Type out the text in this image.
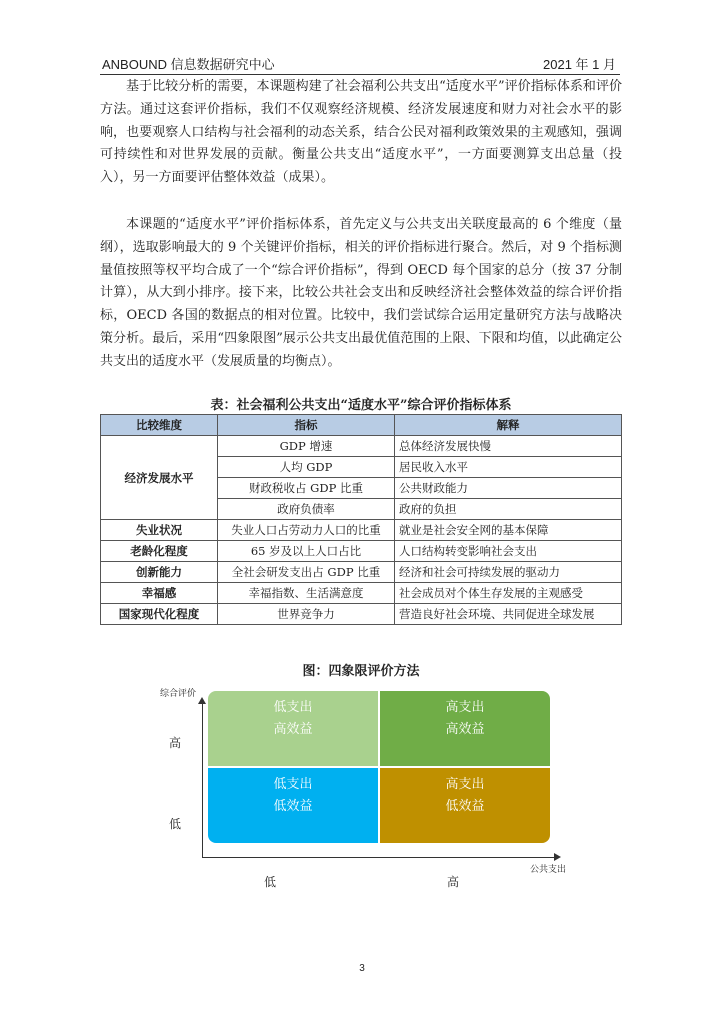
ANBOUND 信息数据研究中心	2021 年 1 月

基于比较分析的需要，本课题构建了社会福利公共支出“适度水平”评价指标体系和评价方法。通过这套评价指标，我们不仅观察经济规模、经济发展速度和财力对社会水平的影响，也要观察人口结构与社会福利的动态关系，结合公民对福利政策效果的主观感知，强调可持续性和对世界发展的贡献。衡量公共支出“适度水平”，一方面要测算支出总量（投入），另一方面要评估整体效益（成果）。

本课题的“适度水平”评价指标体系，首先定义与公共支出关联度最高的 6 个维度（量纲），选取影响最大的 9 个关键评价指标，相关的评价指标进行聚合。然后，对 9 个指标测量值按照等权平均合成了一个“综合评价指标”，得到 OECD 每个国家的总分（按 37 分制计算），从大到小排序。接下来，比较公共社会支出和反映经济社会整体效益的综合评价指标，OECD 各国的数据点的相对位置。比较中，我们尝试综合运用定量研究方法与战略决策分析。最后，采用“四象限图”展示公共支出最优值范围的上限、下限和均值，以此确定公共支出的适度水平（发展质量的均衡点）。

表：社会福利公共支出“适度水平”综合评价指标体系
比较维度	指标	解释
经济发展水平	GDP 增速	总体经济发展快慢
	人均 GDP	居民收入水平
	财政税收占 GDP 比重	公共财政能力
	政府负债率	政府的负担
失业状况	失业人口占劳动力人口的比重	就业是社会安全网的基本保障
老龄化程度	65 岁及以上人口占比	人口结构转变影响社会支出
创新能力	全社会研发支出占 GDP 比重	经济和社会可持续发展的驱动力
幸福感	幸福指数、生活满意度	社会成员对个体生存发展的主观感受
国家现代化程度	世界竞争力	营造良好社会环境、共同促进全球发展
图：四象限评价方法
综合评价
公共支出
高
低
低	高
低支出
高效益
高支出
高效益
低支出
低效益
高支出
低效益
3
